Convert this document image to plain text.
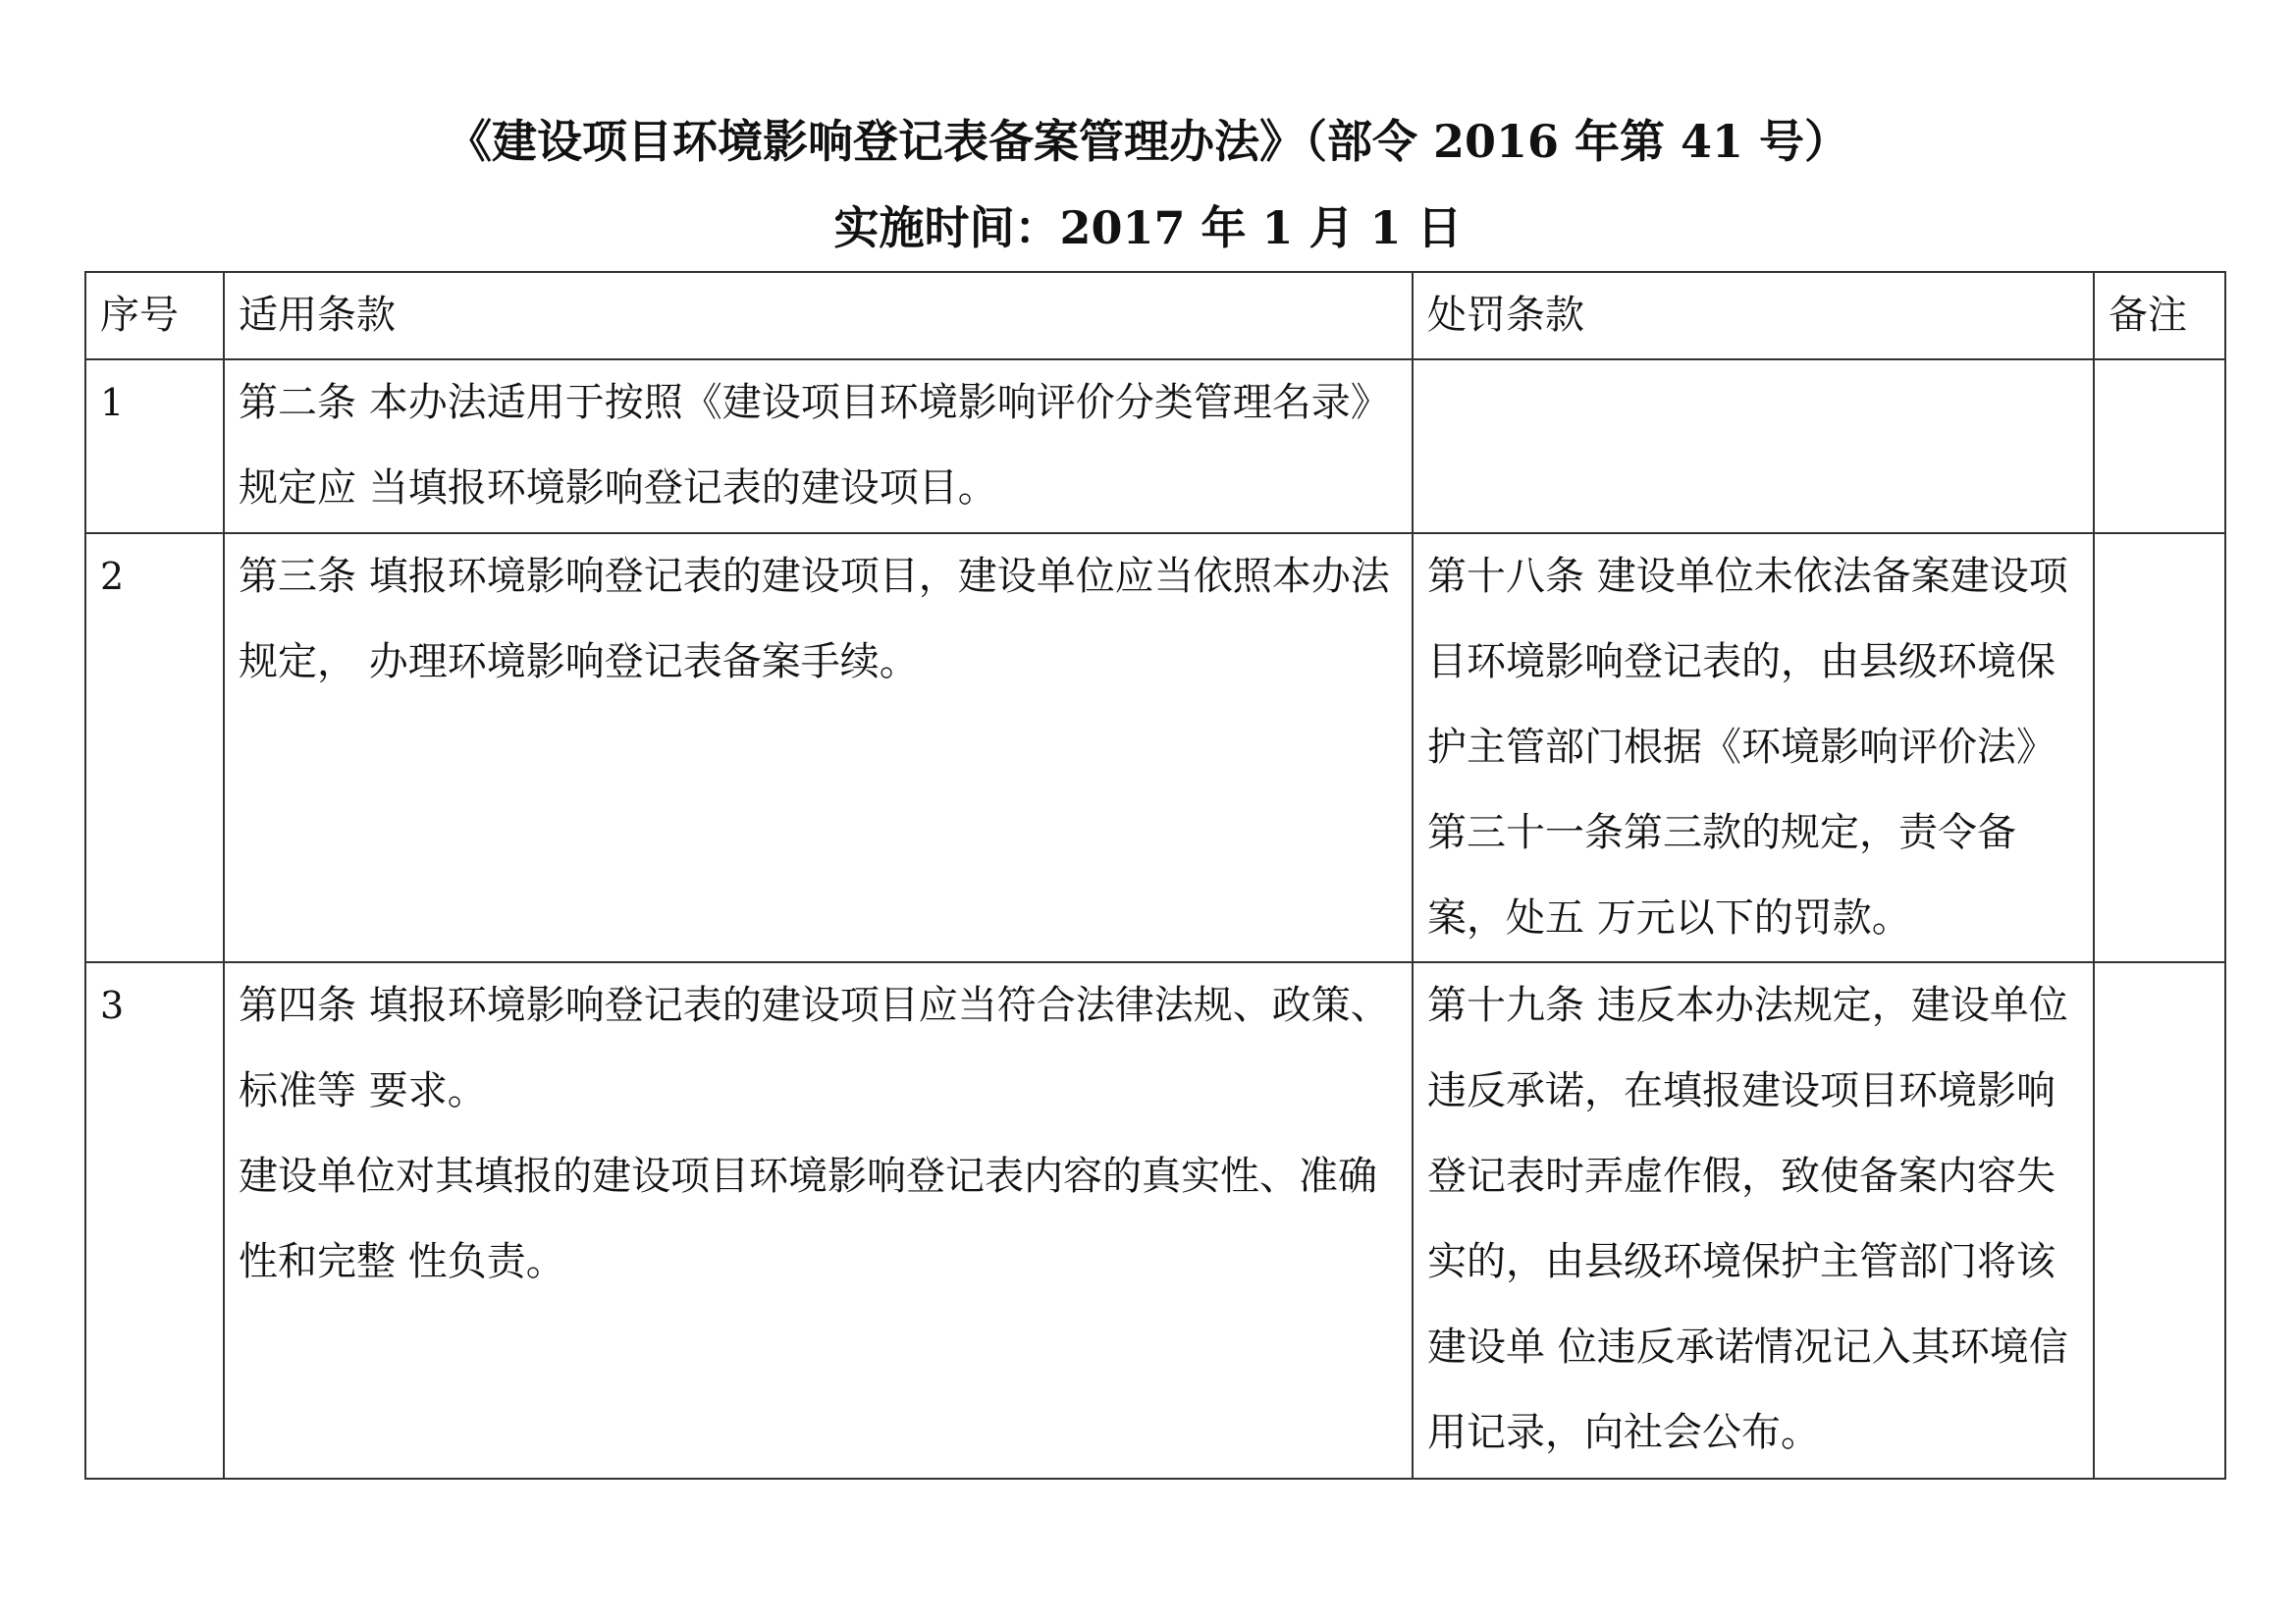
《建设项目环境影响登记表备案管理办法》（部令 2016 年第 41 号）
实施时间：2017 年 1 月 1 日
序号	适用条款	处罚条款	备注
1	第二条 本办法适用于按照《建设项目环境影响评价分类管理名录》规定应 当填报环境影响登记表的建设项目。		

2	第三条 填报环境影响登记表的建设项目，建设单位应当依照本办法规定， 办理环境影响登记表备案手续。	第十八条 建设单位未依法备案建设项目环境影响登记表的，由县级环境保 护主管部门根据《环境影响评价法》第三十一条第三款的规定，责令备案，处五 万元以下的罚款。	
3	第四条 填报环境影响登记表的建设项目应当符合法律法规、政策、标准等 要求。
建设单位对其填报的建设项目环境影响登记表内容的真实性、准确性和完整 性负责。	第十九条 违反本办法规定，建设单位违反承诺，在填报建设项目环境影响 登记表时弄虚作假，致使备案内容失实的，由县级环境保护主管部门将该建设单 位违反承诺情况记入其环境信用记录，向社会公布。	
